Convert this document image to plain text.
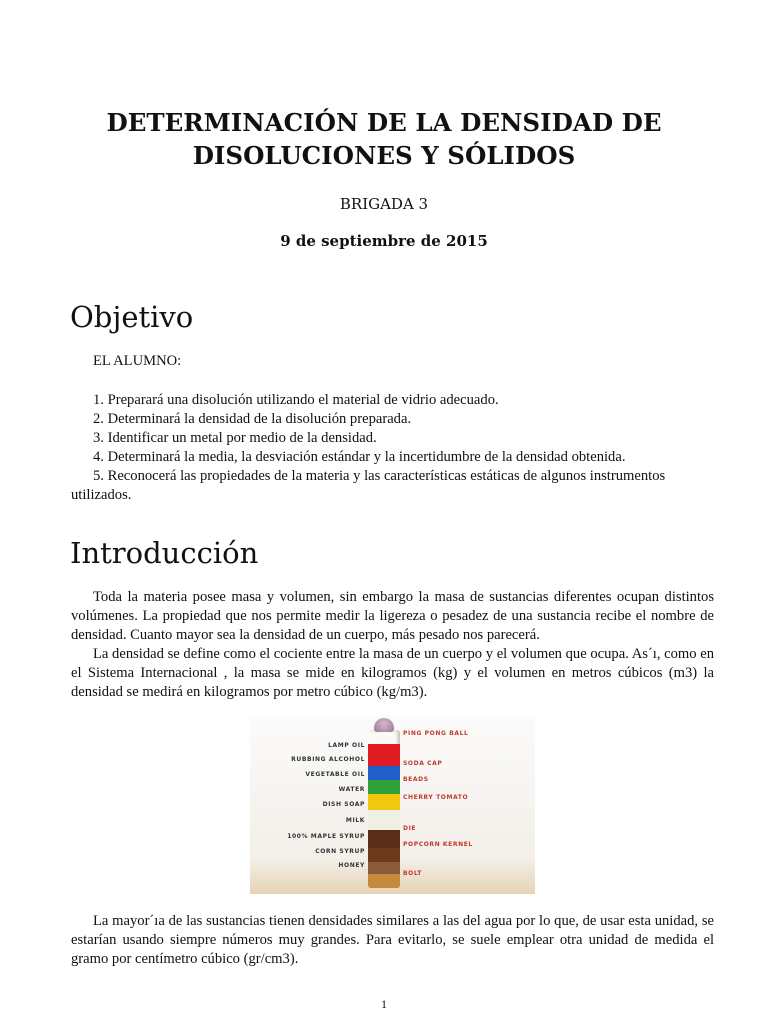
DETERMINACIÓN DE LA DENSIDAD DE
DISOLUCIONES Y SÓLIDOS
BRIGADA 3
9 de septiembre de 2015
Objetivo
EL ALUMNO:
1. Preparará una disolución utilizando el material de vidrio adecuado.
2. Determinará la densidad de la disolución preparada.
3. Identificar un metal por medio de la densidad.
4. Determinará la media, la desviación estándar y la incertidumbre de la densidad obtenida.
5. Reconocerá las propiedades de la materia y las características estáticas de algunos instrumentos utilizados.
Introducción

Toda la materia posee masa y volumen, sin embargo la masa de sustancias diferentes ocupan distintos volúmenes. La propiedad que nos permite medir la ligereza o pesadez de una sustancia recibe el nombre de densidad. Cuanto mayor sea la densidad de un cuerpo, más pesado nos parecerá.

La densidad se define como el cociente entre la masa de un cuerpo y el volumen que ocupa. As´ı, como en el Sistema Internacional , la masa se mide en kilogramos (kg) y el volumen en metros cúbicos (m3) la densidad se medirá en kilogramos por metro cúbico (kg/m3).

LAMP OIL
RUBBING ALCOHOL
VEGETABLE OIL
WATER
DISH SOAP
MILK
100% MAPLE SYRUP
CORN SYRUP
HONEY
PING PONG BALL
SODA CAP
BEADS
CHERRY TOMATO
DIE
POPCORN KERNEL
BOLT

La mayor´ıa de las sustancias tienen densidades similares a las del agua por lo que, de usar esta unidad, se estarían usando siempre números muy grandes. Para evitarlo, se suele emplear otra unidad de medida el gramo por centímetro cúbico (gr/cm3).

1
